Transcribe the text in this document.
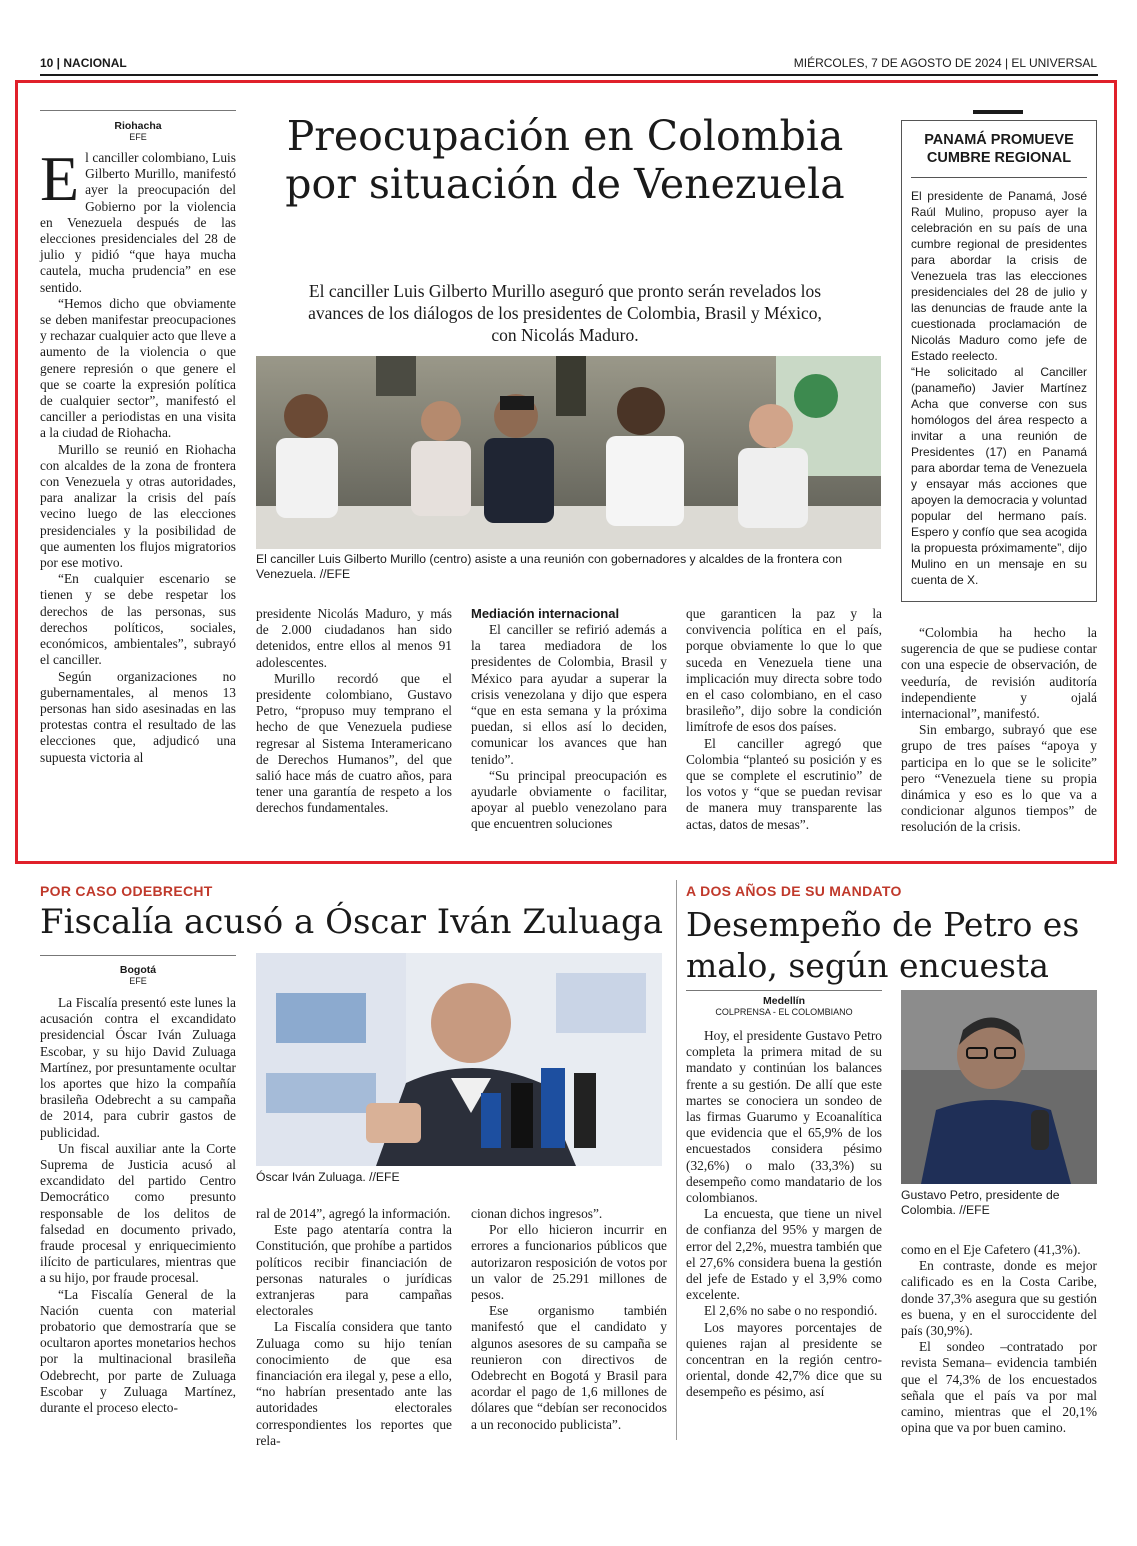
10 | NACIONAL	MIÉRCOLES, 7 DE AGOSTO DE 2024 | EL UNIVERSAL
Riohacha
EFE
E l canciller colombiano, Luis Gilberto Murillo, manifestó ayer la preocupación del Gobierno por la violencia en Venezuela después de las elecciones presidenciales del 28 de julio y pidió “que haya mucha cautela, mucha prudencia” en ese sentido.

“Hemos dicho que obviamente se deben manifestar preocupaciones y rechazar cualquier acto que lleve a aumento de la violencia o que genere represión o que genere el que se coarte la expresión política de cualquier sector”, manifestó el canciller a periodistas en una visita a la ciudad de Riohacha.

Murillo se reunió en Riohacha con alcaldes de la zona de frontera con Venezuela y otras autoridades, para analizar la crisis del país vecino luego de las elecciones presidenciales y la posibilidad de que aumenten los flujos migratorios por ese motivo.

“En cualquier escenario se tienen y se debe respetar los derechos de las personas, sus derechos políticos, sociales, económicos, ambientales”, subrayó el canciller.

Según organizaciones no gubernamentales, al menos 13 personas han sido asesinadas en las protestas contra el resultado de las elecciones que, adjudicó una supuesta victoria al

Preocupación en Colombia por situación de Venezuela
El canciller Luis Gilberto Murillo aseguró que pronto serán revelados los avances de los diálogos de los presidentes de Colombia, Brasil y México, con Nicolás Maduro.
El canciller Luis Gilberto Murillo (centro) asiste a una reunión con gobernadores y alcaldes de la frontera con Venezuela. //EFE

presidente Nicolás Maduro, y más de 2.000 ciudadanos han sido detenidos, entre ellos al menos 91 adolescentes.

Murillo recordó que el presidente colombiano, Gustavo Petro, “propuso muy temprano el hecho de que Venezuela pudiese regresar al Sistema Interamericano de Derechos Humanos”, del que salió hace más de cuatro años, para tener una garantía de respeto a los derechos fundamentales.

Mediación internacional

El canciller se refirió además a la tarea mediadora de los presidentes de Colombia, Brasil y México para ayudar a superar la crisis venezolana y dijo que espera “que en esta semana y la próxima puedan, si ellos así lo deciden, comunicar los avances que han tenido”.

“Su principal preocupación es ayudarle obviamente o facilitar, apoyar al pueblo venezolano para que encuentren soluciones

que garanticen la paz y la convivencia política en el país, porque obviamente lo que lo que suceda en Venezuela tiene una implicación muy directa sobre todo en el caso colombiano, en el caso brasileño”, dijo sobre la condición limítrofe de esos dos países.

El canciller agregó que Colombia “planteó su posición y es que se complete el escrutinio” de los votos y “que se puedan revisar de manera muy transparente las actas, datos de mesas”.

PANAMÁ PROMUEVE CUMBRE REGIONAL

El presidente de Panamá, José Raúl Mulino, propuso ayer la celebración en su país de una cumbre regional de presidentes para abordar la crisis de Venezuela tras las elecciones presidenciales del 28 de julio y las denuncias de fraude ante la cuestionada proclamación de Nicolás Maduro como jefe de Estado reelecto.

“He solicitado al Canciller (panameño) Javier Martínez Acha que converse con sus homólogos del área respecto a invitar a una reunión de Presidentes (17) en Panamá para abordar tema de Venezuela y ensayar más acciones que apoyen la democracia y voluntad popular del hermano país. Espero y confío que sea acogida la propuesta próximamente”, dijo Mulino en un mensaje en su cuenta de X.

“Colombia ha hecho la sugerencia de que se pudiese contar con una especie de observación, de veeduría, de revisión auditoría independiente y ojalá internacional”, manifestó.

Sin embargo, subrayó que ese grupo de tres países “apoya y participa en lo que se le solicite” pero “Venezuela tiene su propia dinámica y eso es lo que va a condicionar algunos tiempos” de resolución de la crisis.

POR CASO ODEBRECHT
Fiscalía acusó a Óscar Iván Zuluaga
Bogotá
EFE

La Fiscalía presentó este lunes la acusación contra el excandidato presidencial Óscar Iván Zuluaga Escobar, y su hijo David Zuluaga Martínez, por presuntamente ocultar los aportes que hizo la compañía brasileña Odebrecht a su campaña de 2014, para cubrir gastos de publicidad.

Un fiscal auxiliar ante la Corte Suprema de Justicia acusó al excandidato del partido Centro Democrático como presunto responsable de los delitos de falsedad en documento privado, fraude procesal y enriquecimiento ilícito de particulares, mientras que a su hijo, por fraude procesal.

“La Fiscalía General de la Nación cuenta con material probatorio que demostraría que se ocultaron aportes monetarios hechos por la multinacional brasileña Odebrecht, por parte de Zuluaga Escobar y Zuluaga Martínez, durante el proceso electo-

Óscar Iván Zuluaga. //EFE

ral de 2014”, agregó la información.

Este pago atentaría contra la Constitución, que prohíbe a partidos políticos recibir financiación de personas naturales o jurídicas extranjeras para campañas electorales

La Fiscalía considera que tanto Zuluaga como su hijo tenían conocimiento de que esa financiación era ilegal y, pese a ello, “no habrían presentado ante las autoridades electorales correspondientes los reportes que rela-

cionan dichos ingresos”.

Por ello hicieron incurrir en errores a funcionarios públicos que autorizaron resposición de votos por un valor de 25.291 millones de pesos.

Ese organismo también manifestó que el candidato y algunos asesores de su campaña se reunieron con directivos de Odebrecht en Bogotá y Brasil para acordar el pago de 1,6 millones de dólares que “debían ser reconocidos a un reconocido publicista”.

A DOS AÑOS DE SU MANDATO
Desempeño de Petro es malo, según encuesta
Medellín
COLPRENSA - EL COLOMBIANO

Hoy, el presidente Gustavo Petro completa la primera mitad de su mandato y continúan los balances frente a su gestión. De allí que este martes se conociera un sondeo de las firmas Guarumo y Ecoanalítica que evidencia que el 65,9% de los encuestados considera pésimo (32,6%) o malo (33,3%) su desempeño como mandatario de los colombianos.

La encuesta, que tiene un nivel de confianza del 95% y margen de error del 2,2%, muestra también que el 27,6% considera buena la gestión del jefe de Estado y el 3,9% como excelente.

El 2,6% no sabe o no respondió.

Los mayores porcentajes de quienes rajan al presidente se concentran en la región centro-oriental, donde 42,7% dice que su desempeño es pésimo, así

Gustavo Petro, presidente de Colombia. //EFE

como en el Eje Cafetero (41,3%).

En contraste, donde es mejor calificado es en la Costa Caribe, donde 37,3% asegura que su gestión es buena, y en el suroccidente del país (30,9%).

El sondeo –contratado por revista Semana– evidencia también que el 74,3% de los encuestados señala que el país va por mal camino, mientras que el 20,1% opina que va por buen camino.
